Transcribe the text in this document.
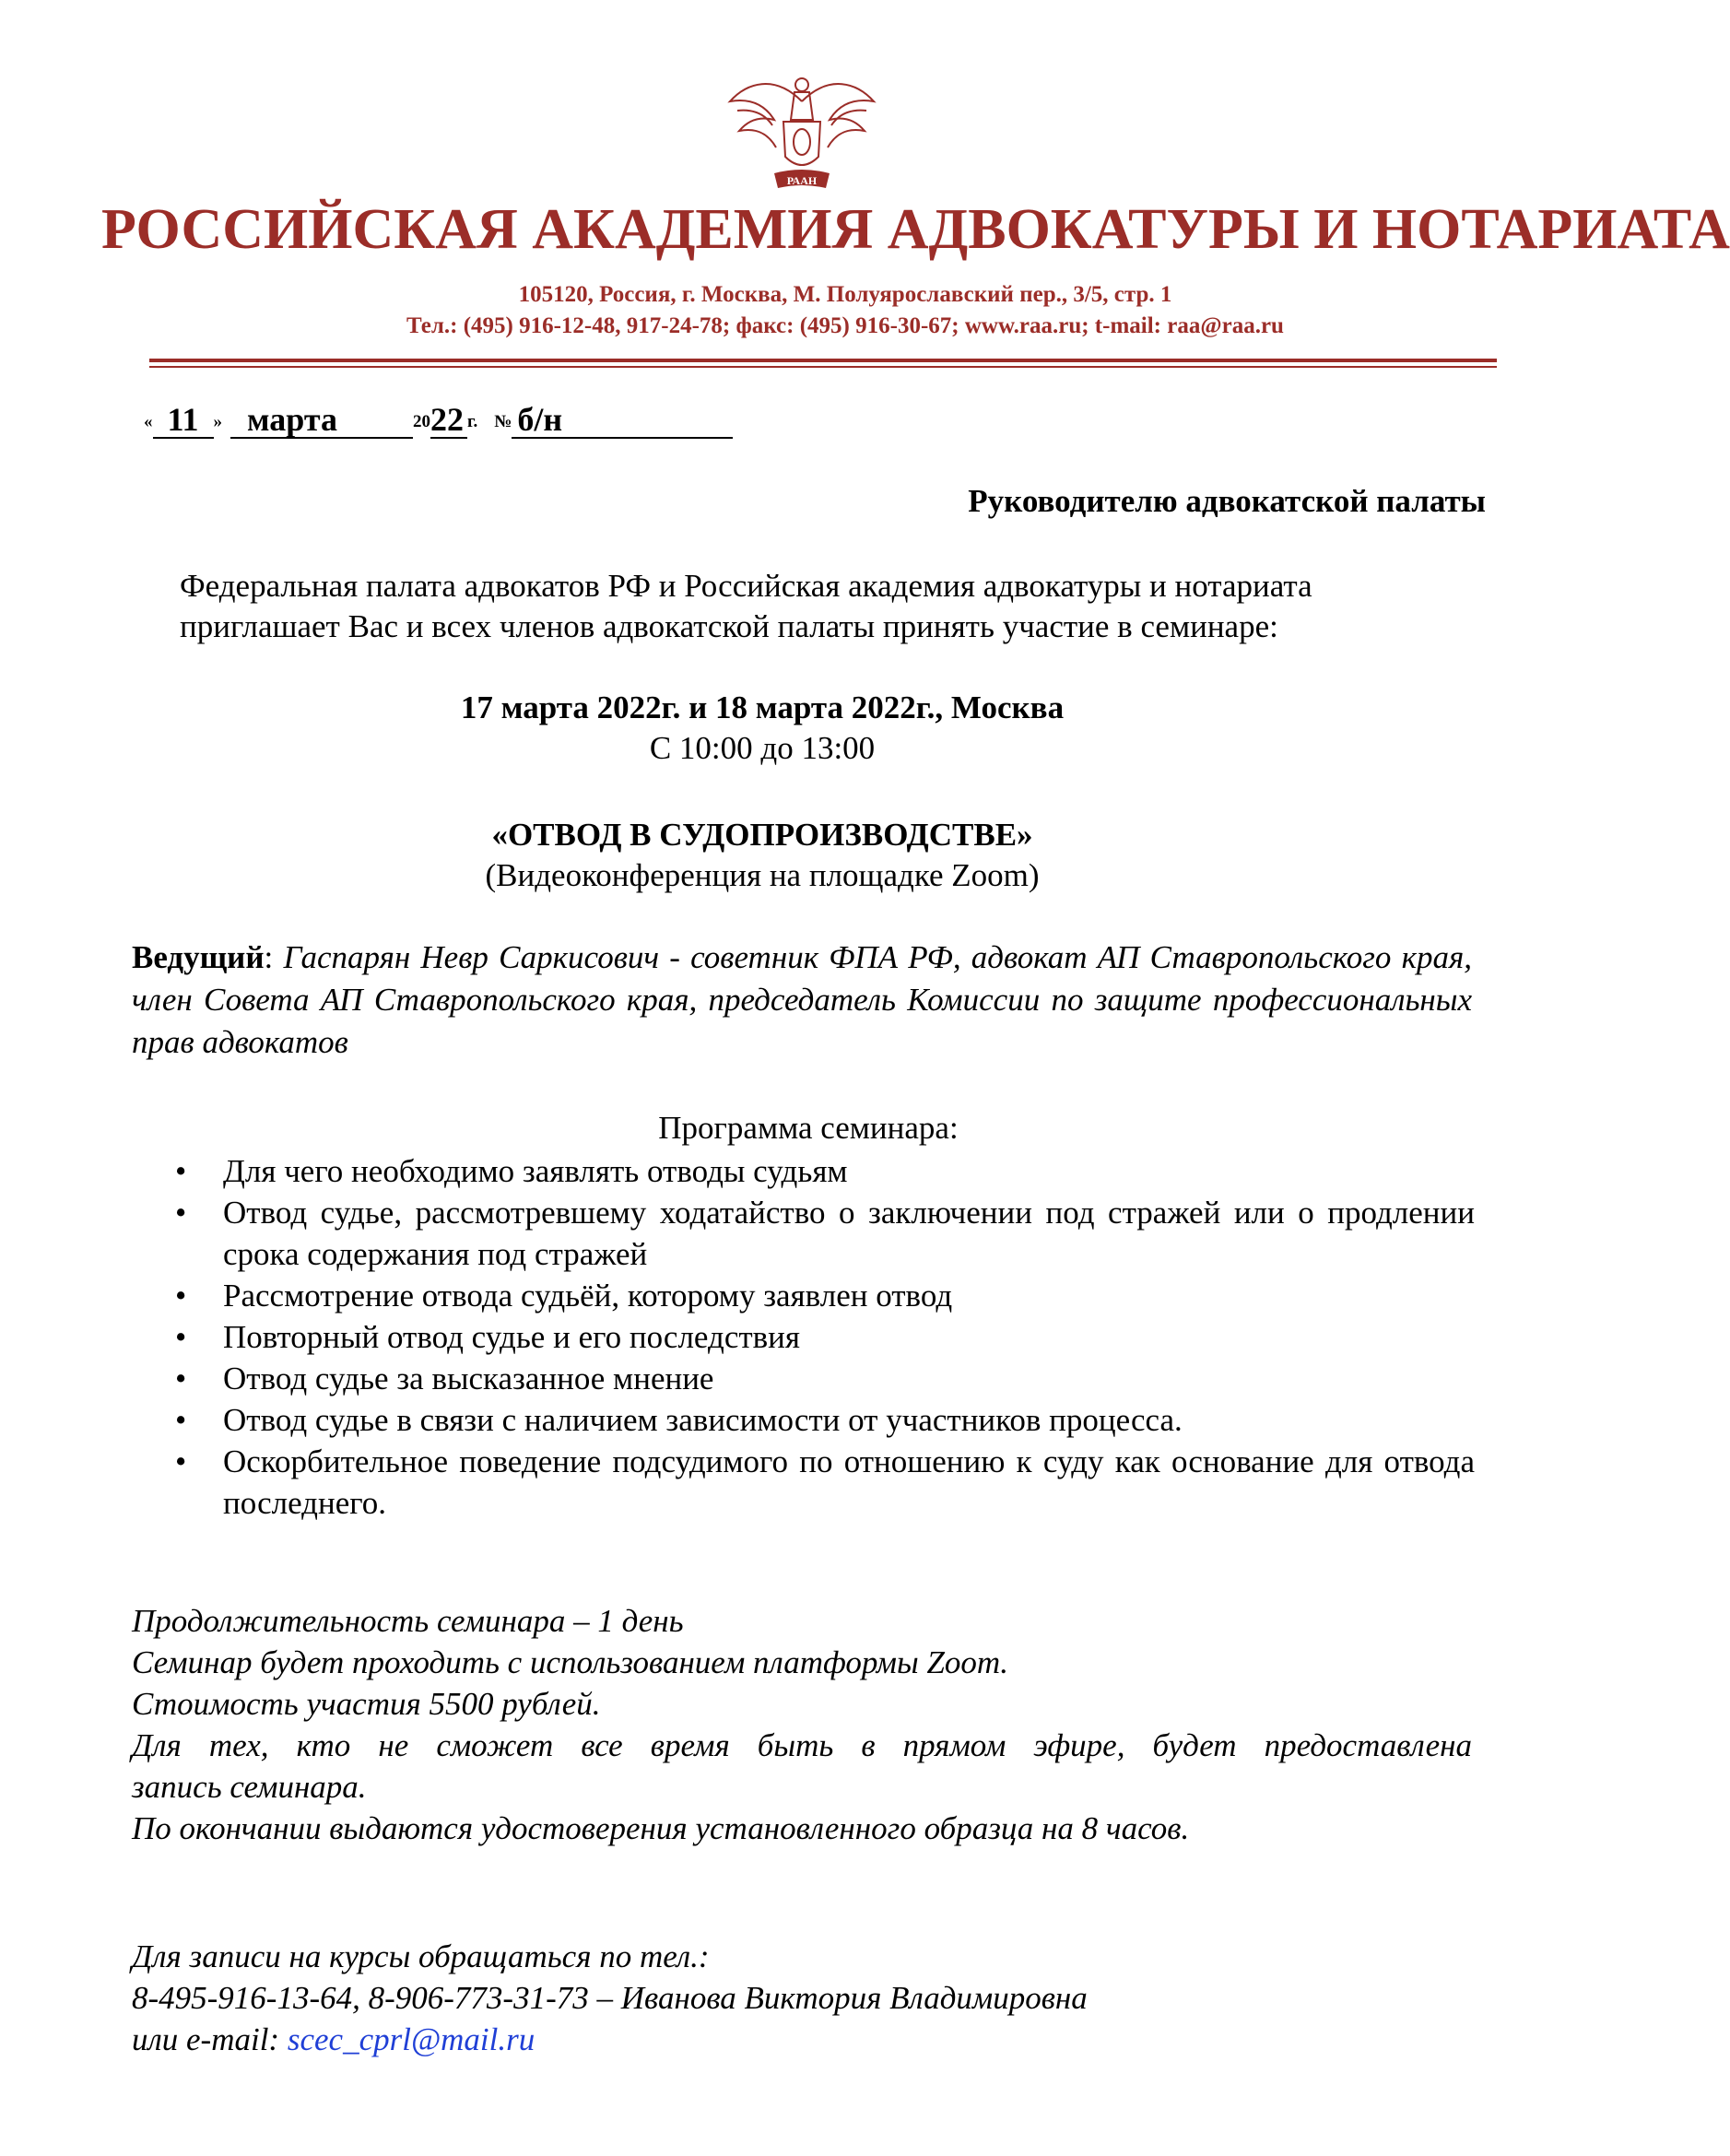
РААН
РОССИЙСКАЯ АКАДЕМИЯ АДВОКАТУРЫ И НОТАРИАТА
105120, Россия, г. Москва, М. Полуярославский пер., 3/5, стр. 1
Тел.: (495) 916-12-48, 917-24-78; факс: (495) 916-30-67; www.raa.ru; t-mail: raa@raa.ru
« 11 » марта	2022 г. № б/н
Руководителю адвокатской палаты
Федеральная палата адвокатов РФ и Российская академия адвокатуры и нотариата приглашает Вас и всех членов адвокатской палаты принять участие в семинаре:
17 марта 2022г. и 18 марта 2022г., Москва
С 10:00 до 13:00
«ОТВОД В СУДОПРОИЗВОДСТВЕ»
(Видеоконференция на площадке Zoom)
Ведущий: Гаспарян Невр Саркисович - советник ФПА РФ, адвокат АП Ставропольского края, член Совета АП Ставропольского края, председатель Комиссии по защите профессиональных прав адвокатов
Программа семинара:
• Для чего необходимо заявлять отводы судьям
• Отвод судье, рассмотревшему ходатайство о заключении под стражей или о продлении срока содержания под стражей
• Рассмотрение отвода судьёй, которому заявлен отвод
• Повторный отвод судье и его последствия
• Отвод судье за высказанное мнение
• Отвод судье в связи с наличием зависимости от участников процесса.
• Оскорбительное поведение подсудимого по отношению к суду как основание для отвода последнего.
Продолжительность семинара – 1 день
Семинар будет проходить с использованием платформы Zoom.
Стоимость участия 5500 рублей.
Для тех, кто не сможет все время быть в прямом эфире, будет предоставлена
запись семинара.
По окончании выдаются удостоверения установленного образца на 8 часов.
Для записи на курсы обращаться по тел.:
8-495-916-13-64, 8-906-773-31-73 – Иванова Виктория Владимировна
или e-mail: scec_cprl@mail.ru
